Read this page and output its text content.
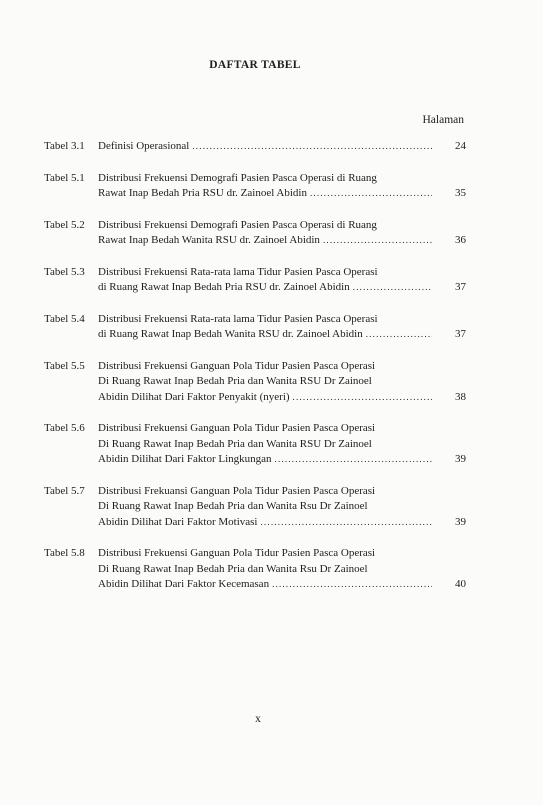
DAFTAR TABEL
Halaman
Tabel 3.1	Definisi Operasional .....	24
Tabel 5.1	Distribusi Frekuensi Demografi Pasien Pasca Operasi di Ruang
Rawat Inap Bedah Pria RSU dr. Zainoel Abidin .....	35
Tabel 5.2	Distribusi Frekuensi Demografi Pasien Pasca Operasi di Ruang
Rawat Inap Bedah Wanita RSU dr. Zainoel Abidin .....	36
Tabel 5.3	Distribusi Frekuensi Rata-rata lama Tidur Pasien Pasca Operasi
di Ruang Rawat Inap Bedah Pria RSU dr. Zainoel Abidin .....	37
Tabel 5.4	Distribusi Frekuensi Rata-rata lama Tidur Pasien Pasca Operasi
di Ruang Rawat Inap Bedah Wanita RSU dr. Zainoel Abidin .....	37
Tabel 5.5	Distribusi Frekuensi Ganguan Pola Tidur Pasien Pasca Operasi
Di Ruang Rawat Inap Bedah Pria dan Wanita RSU Dr Zainoel
Abidin Dilihat Dari Faktor Penyakit (nyeri) .....	38
Tabel 5.6	Distribusi Frekuensi Ganguan Pola Tidur Pasien Pasca Operasi
Di Ruang Rawat Inap Bedah Pria dan Wanita RSU Dr Zainoel
Abidin Dilihat Dari Faktor Lingkungan .....	39
Tabel 5.7	Distribusi Frekuansi Ganguan Pola Tidur Pasien Pasca Operasi
Di Ruang Rawat Inap Bedah Pria dan Wanita Rsu Dr Zainoel
Abidin Dilihat Dari Faktor Motivasi .....	39
Tabel 5.8	Distribusi Frekuensi Ganguan Pola Tidur Pasien Pasca Operasi
Di Ruang Rawat Inap Bedah Pria dan Wanita Rsu Dr Zainoel
Abidin Dilihat Dari Faktor Kecemasan .....	40
x
